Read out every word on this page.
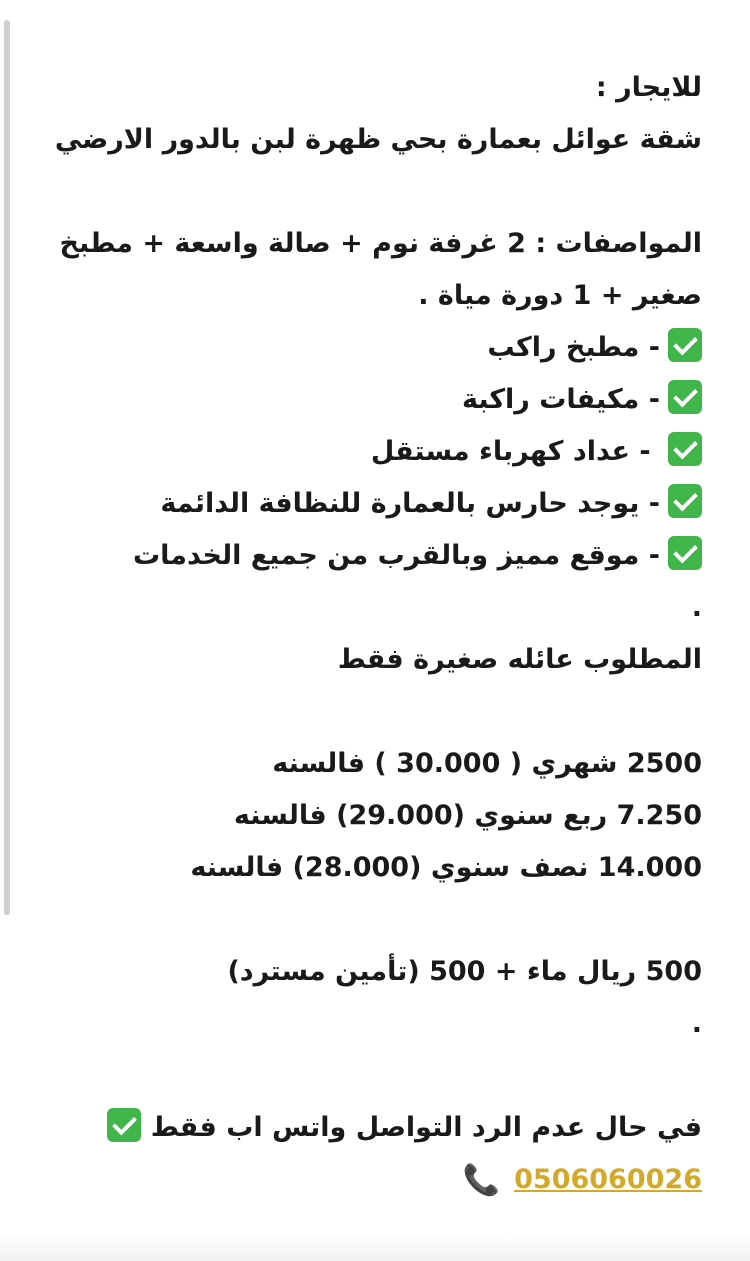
للايجار :
شقة عوائل بعمارة بحي ظهرة لبن بالدور الارضي
المواصفات : 2 غرفة نوم + صالة واسعة + مطبخ صغير + 1 دورة مياة .
- مطبخ راكب
- مكيفات راكبة
- عداد كهرباء مستقل
- يوجد حارس بالعمارة للنظافة الدائمة
- موقع مميز وبالقرب من جميع الخدمات
.
المطلوب عائله صغيرة فقط
2500 شهري ( 30.000 ) فالسنه
7.250 ربع سنوي (29.000) فالسنه
14.000 نصف سنوي (28.000) فالسنه
500 ريال ماء + 500 (تأمين مسترد)
.
في حال عدم الرد التواصل واتس اب فقط
0506060026📞
